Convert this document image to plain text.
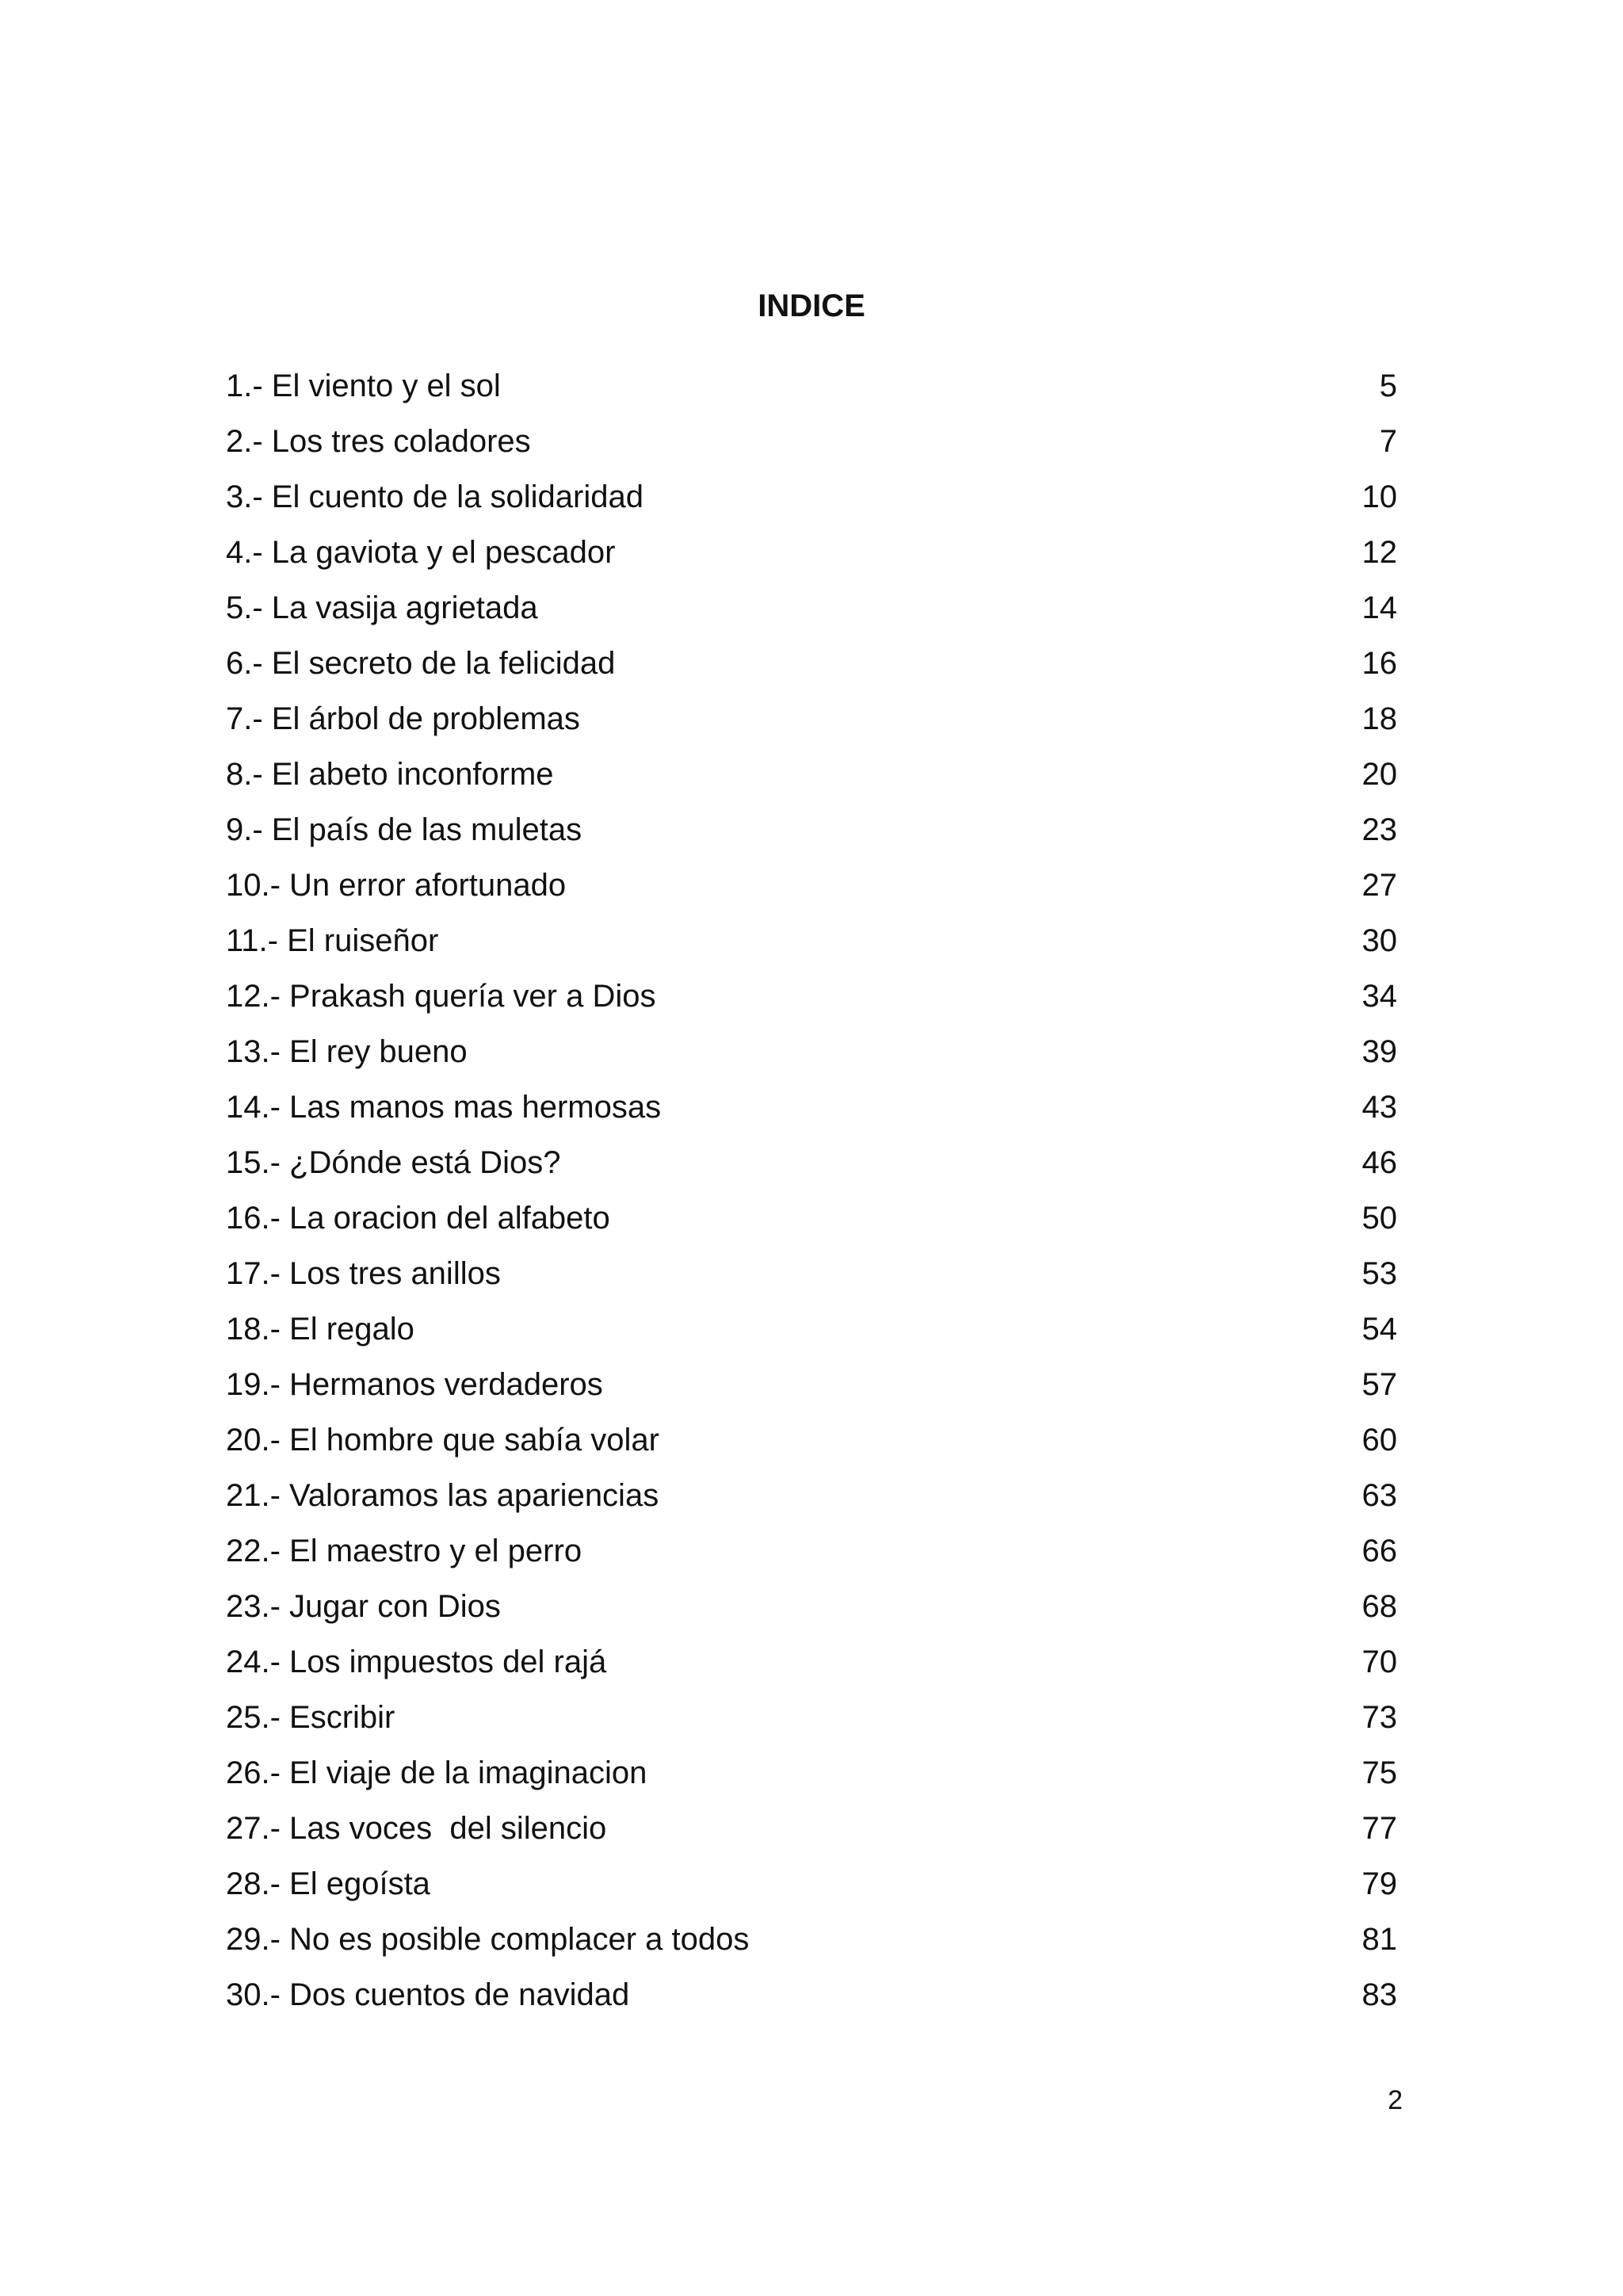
INDICE
1.- El viento y el sol	5
2.- Los tres coladores	7
3.- El cuento de la solidaridad	10
4.- La gaviota y el pescador	12
5.- La vasija agrietada	14
6.- El secreto de la felicidad	16
7.- El árbol de problemas	18
8.- El abeto inconforme	20
9.- El país de las muletas	23
10.- Un error afortunado	27
11.- El ruiseñor	30
12.- Prakash quería ver a Dios	34
13.- El rey bueno	39
14.- Las manos mas hermosas	43
15.- ¿Dónde está Dios?	46
16.- La oracion del alfabeto	50
17.- Los tres anillos	53
18.- El regalo	54
19.- Hermanos verdaderos	57
20.- El hombre que sabía volar	60
21.- Valoramos las apariencias	63
22.- El maestro y el perro	66
23.- Jugar con Dios	68
24.- Los impuestos del rajá	70
25.- Escribir	73
26.- El viaje de la imaginacion	75
27.- Las voces  del silencio	77
28.- El egoísta	79
29.- No es posible complacer a todos	81
30.- Dos cuentos de navidad	83
2
